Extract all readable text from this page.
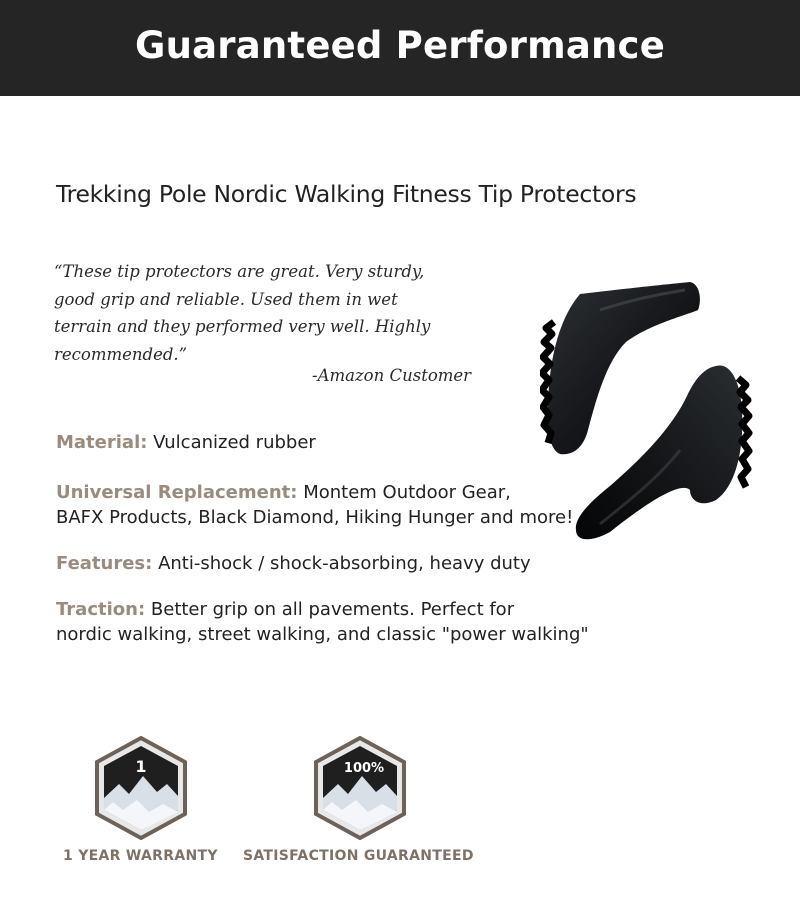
Guaranteed Performance
Trekking Pole Nordic Walking Fitness Tip Protectors
“These tip protectors are great. Very sturdy,
good grip and reliable. Used them in wet
terrain and they performed very well. Highly
recommended.”
-Amazon Customer

Material: Vulcanized rubber

Universal Replacement: Montem Outdoor Gear,
BAFX Products, Black Diamond, Hiking Hunger and more!

Features: Anti-shock / shock-absorbing, heavy duty

Traction: Better grip on all pavements. Perfect for
nordic walking, street walking, and classic "power walking"

1
1 YEAR WARRANTY
100%
SATISFACTION GUARANTEED
